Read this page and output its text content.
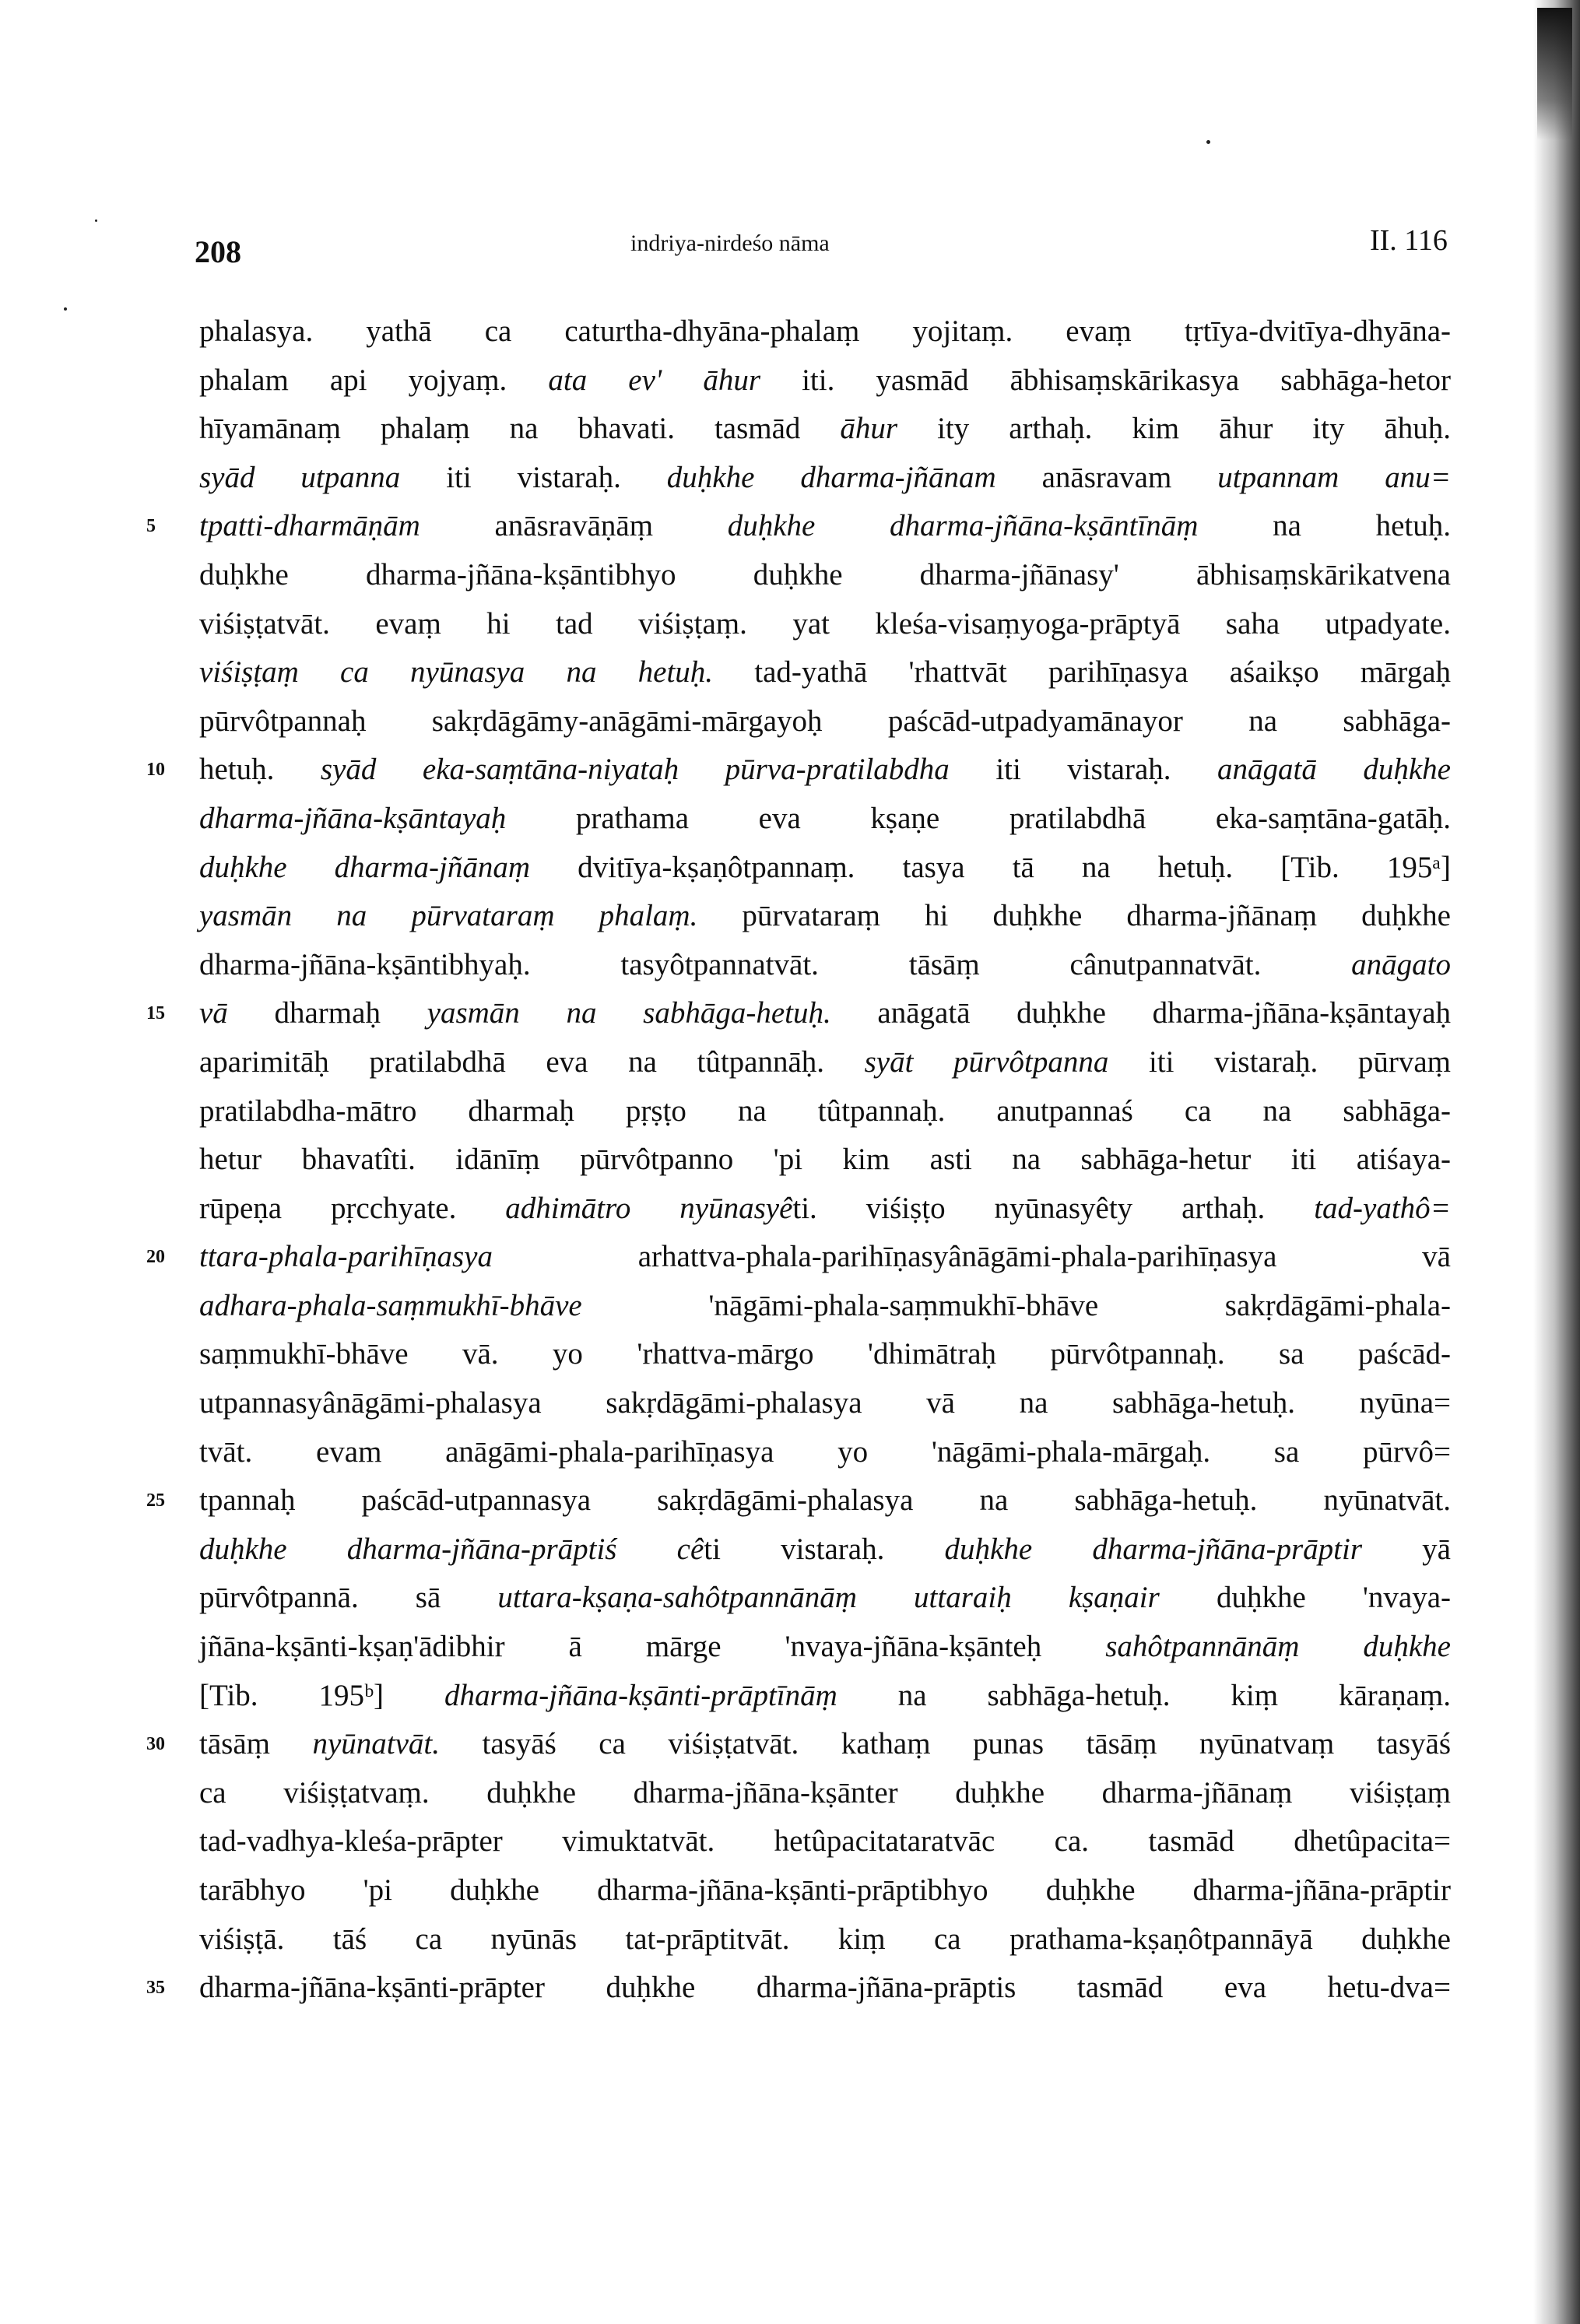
208	indriya-nirdeśo nāma	II. 116
phalasya. yathā ca caturtha-dhyāna-phalaṃ yojitaṃ. evaṃ tṛtīya-dvitīya-dhyāna-
phalam api yojyaṃ. ata ev' āhur iti. yasmād ābhisaṃskārikasya sabhāga-hetor
hīyamānaṃ phalaṃ na bhavati. tasmād āhur ity arthaḥ. kim āhur ity āhuḥ.
syād utpanna iti vistaraḥ. duḥkhe dharma-jñānam anāsravam utpannam anu=
5	tpatti-dharmāṇām anāsravāṇāṃ duḥkhe dharma-jñāna-kṣāntīnāṃ na hetuḥ.
duḥkhe dharma-jñāna-kṣāntibhyo duḥkhe dharma-jñānasy' ābhisaṃskārikatvena
viśiṣṭatvāt. evaṃ hi tad viśiṣṭaṃ. yat kleśa-visaṃyoga-prāptyā saha utpadyate.
viśiṣṭaṃ ca nyūnasya na hetuḥ. tad-yathā 'rhattvāt parihīṇasya aśaikṣo mārgaḥ
pūrvôtpannaḥ sakṛdāgāmy-anāgāmi-mārgayoḥ paścād-utpadyamānayor na sabhāga-
10	hetuḥ. syād eka-saṃtāna-niyataḥ pūrva-pratilabdha iti vistaraḥ. anāgatā duḥkhe
dharma-jñāna-kṣāntayaḥ prathama eva kṣaṇe pratilabdhā eka-saṃtāna-gatāḥ.
duḥkhe dharma-jñānaṃ dvitīya-kṣaṇôtpannaṃ. tasya tā na hetuḥ. [Tib. 195ᵃ]
yasmān na pūrvataraṃ phalaṃ. pūrvataraṃ hi duḥkhe dharma-jñānaṃ duḥkhe
dharma-jñāna-kṣāntibhyaḥ. tasyôtpannatvāt. tāsāṃ cânutpannatvāt. anāgato
15	vā dharmaḥ yasmān na sabhāga-hetuḥ. anāgatā duḥkhe dharma-jñāna-kṣāntayaḥ
aparimitāḥ pratilabdhā eva na tûtpannāḥ. syāt pūrvôtpanna iti vistaraḥ. pūrvaṃ
pratilabdha-mātro dharmaḥ pṛṣṭo na tûtpannaḥ. anutpannaś ca na sabhāga-
hetur bhavatîti. idānīṃ pūrvôtpanno 'pi kim asti na sabhāga-hetur iti atiśaya-
rūpeṇa pṛcchyate. adhimātro nyūnasyêti. viśiṣṭo nyūnasyêty arthaḥ. tad-yathô=
20	ttara-phala-parihīṇasya arhattva-phala-parihīṇasyânāgāmi-phala-parihīṇasya vā
adhara-phala-saṃmukhī-bhāve 'nāgāmi-phala-saṃmukhī-bhāve sakṛdāgāmi-phala-
saṃmukhī-bhāve vā. yo 'rhattva-mārgo 'dhimātraḥ pūrvôtpannaḥ. sa paścād-
utpannasyânāgāmi-phalasya sakṛdāgāmi-phalasya vā na sabhāga-hetuḥ. nyūna=
tvāt. evam anāgāmi-phala-parihīṇasya yo 'nāgāmi-phala-mārgaḥ. sa pūrvô=
25	tpannaḥ paścād-utpannasya sakṛdāgāmi-phalasya na sabhāga-hetuḥ. nyūnatvāt.
duḥkhe dharma-jñāna-prāptiś cêti vistaraḥ. duḥkhe dharma-jñāna-prāptir yā
pūrvôtpannā. sā uttara-kṣaṇa-sahôtpannānāṃ uttaraiḥ kṣaṇair duḥkhe 'nvaya-
jñāna-kṣānti-kṣaṇ'ādibhir ā mārge 'nvaya-jñāna-kṣānteḥ sahôtpannānāṃ duḥkhe
[Tib. 195ᵇ] dharma-jñāna-kṣānti-prāptīnāṃ na sabhāga-hetuḥ. kiṃ kāraṇaṃ.
30	tāsāṃ nyūnatvāt. tasyāś ca viśiṣṭatvāt. kathaṃ punas tāsāṃ nyūnatvaṃ tasyāś
ca viśiṣṭatvaṃ. duḥkhe dharma-jñāna-kṣānter duḥkhe dharma-jñānaṃ viśiṣṭaṃ
tad-vadhya-kleśa-prāpter vimuktatvāt. hetûpacitataratvāc ca. tasmād dhetûpacita=
tarābhyo 'pi duḥkhe dharma-jñāna-kṣānti-prāptibhyo duḥkhe dharma-jñāna-prāptir
viśiṣṭā. tāś ca nyūnās tat-prāptitvāt. kiṃ ca prathama-kṣaṇôtpannāyā duḥkhe
35	dharma-jñāna-kṣānti-prāpter duḥkhe dharma-jñāna-prāptis tasmād eva hetu-dva=
